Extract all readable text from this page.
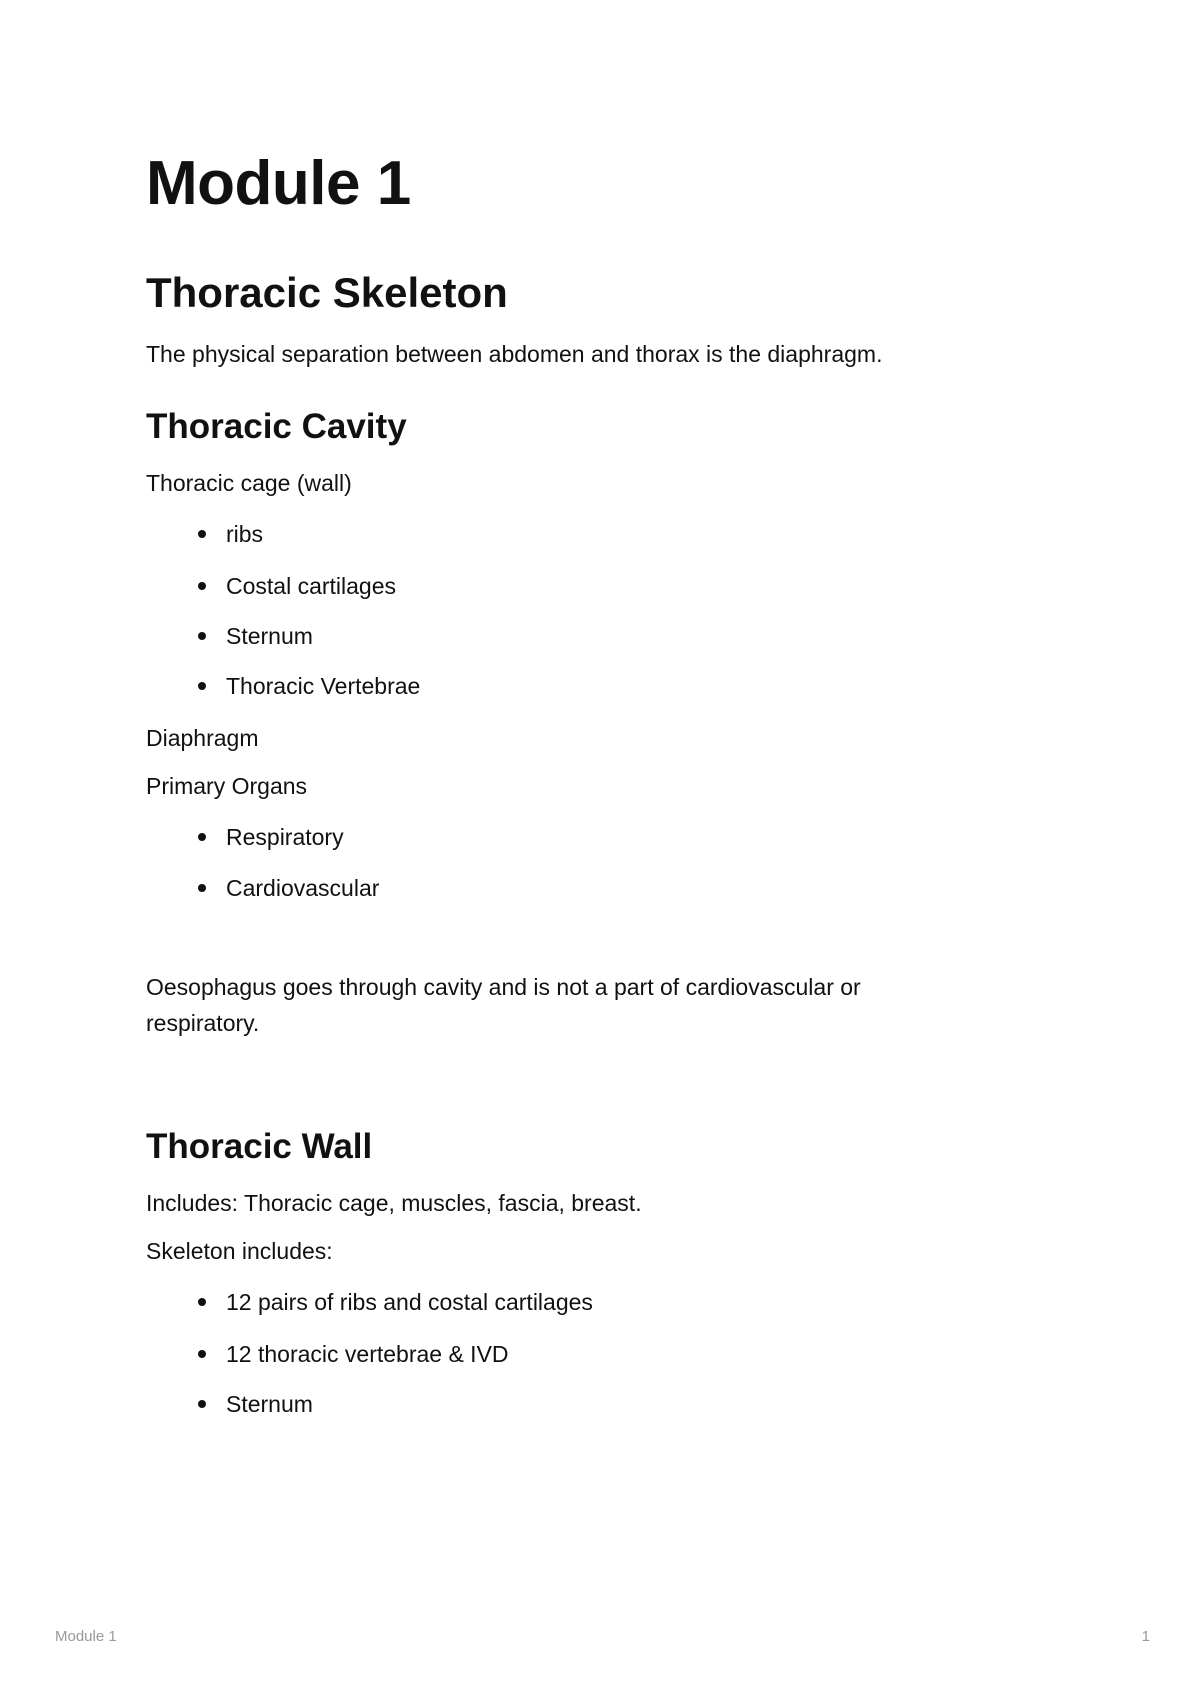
Module 1
Thoracic Skeleton

The physical separation between abdomen and thorax is the diaphragm.

Thoracic Cavity

Thoracic cage (wall)

ribs

Costal cartilages

Sternum

Thoracic Vertebrae

Diaphragm

Primary Organs

Respiratory

Cardiovascular

Oesophagus goes through cavity and is not a part of cardiovascular or respiratory.

Thoracic Wall

Includes: Thoracic cage, muscles, fascia, breast.

Skeleton includes:

12 pairs of ribs and costal cartilages

12 thoracic vertebrae & IVD

Sternum

Module 1	1
